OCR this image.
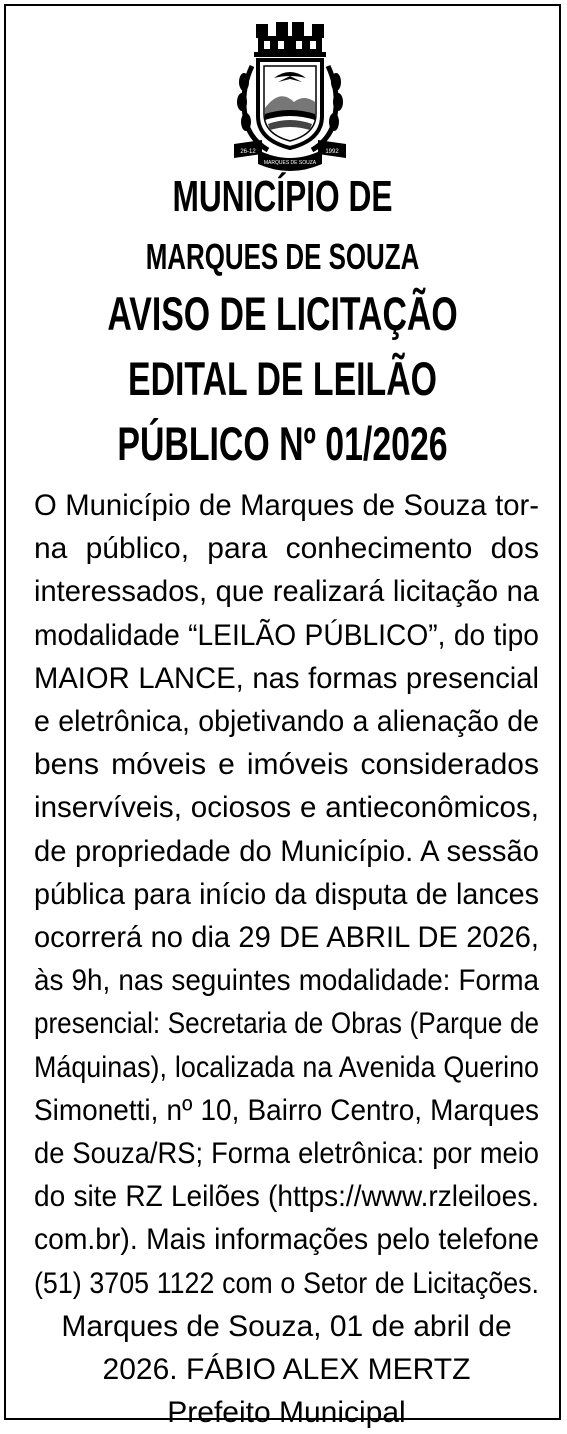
26-12	1992
MARQUES DE SOUZA
MUNICÍPIO DE
MARQUES DE SOUZA
AVISO DE LICITAÇÃO
EDITAL DE LEILÃO
PÚBLICO Nº 01/2026
O Município de Marques de Souza tor-
na público, para conhecimento dos
interessados, que realizará licitação na
modalidade “LEILÃO PÚBLICO”, do tipo
MAIOR LANCE, nas formas presencial
e eletrônica, objetivando a alienação de
bens móveis e imóveis considerados
inservíveis, ociosos e antieconômicos,
de propriedade do Município. A sessão
pública para início da disputa de lances
ocorrerá no dia 29 DE ABRIL DE 2026,
às 9h, nas seguintes modalidade: Forma
presencial: Secretaria de Obras (Parque de
Máquinas), localizada na Avenida Querino
Simonetti, nº 10, Bairro Centro, Marques
de Souza/RS; Forma eletrônica: por meio
do site RZ Leilões (https://www.rzleiloes.
com.br). Mais informações pelo telefone
(51) 3705 1122 com o Setor de Licitações.
Marques de Souza, 01 de abril de
2026. FÁBIO ALEX MERTZ
Prefeito Municipal
